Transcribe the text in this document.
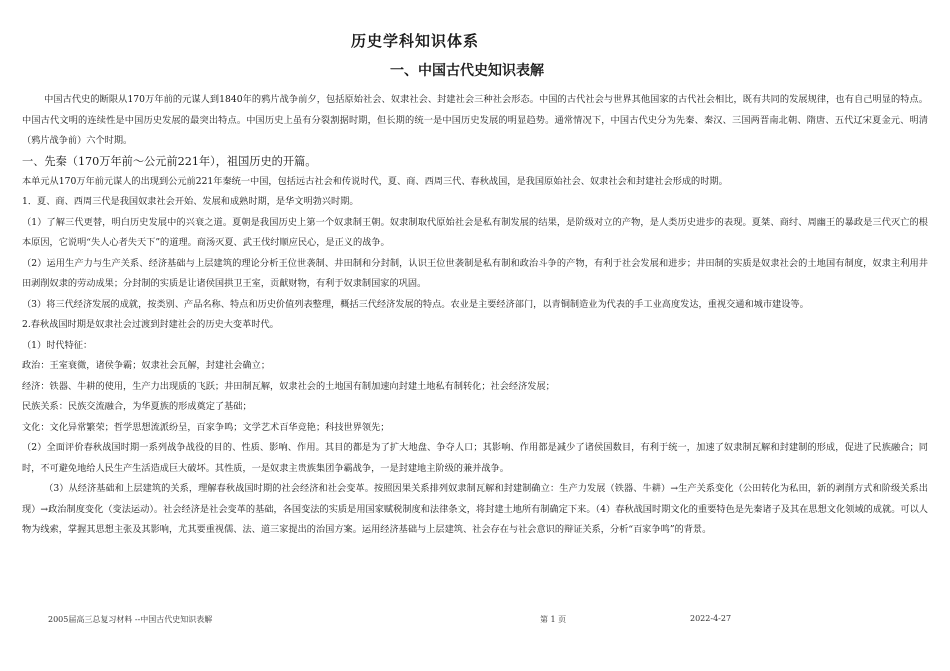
历史学科知识体系
一、中国古代史知识表解

中国古代史的断限从170万年前的元谋人到1840年的鸦片战争前夕，包括原始社会、奴隶社会、封建社会三种社会形态。中国的古代社会与世界其他国家的古代社会相比，既有共同的发展规律，也有自己明显的特点。中国古代文明的连续性是中国历史发展的最突出特点。中国历史上虽有分裂割据时期，但长期的统一是中国历史发展的明显趋势。通常情况下，中国古代史分为先秦、秦汉、三国两晋南北朝、隋唐、五代辽宋夏金元、明清（鸦片战争前）六个时期。

一、先秦（170万年前～公元前221年），祖国历史的开篇。

本单元从170万年前元谋人的出现到公元前221年秦统一中国，包括远古社会和传说时代，夏、商、西周三代、春秋战国，是我国原始社会、奴隶社会和封建社会形成的时期。

1．夏、商、西周三代是我国奴隶社会开始、发展和成熟时期，是华文明勃兴时期。

（1）了解三代更替，明白历史发展中的兴衰之道。夏朝是我国历史上第一个奴隶制王朝。奴隶制取代原始社会是私有制发展的结果，是阶级对立的产物，是人类历史进步的表现。夏桀、商纣、周幽王的暴政是三代灭亡的根本原因，它说明“失人心者失天下”的道理。商汤灭夏、武王伐纣顺应民心，是正义的战争。

（2）运用生产力与生产关系、经济基础与上层建筑的理论分析王位世袭制、井田制和分封制，认识王位世袭制是私有制和政治斗争的产物，有利于社会发展和进步；井田制的实质是奴隶社会的土地国有制度，奴隶主利用井田剥削奴隶的劳动成果；分封制的实质是让诸侯国拱卫王室，贡献财物，有利于奴隶制国家的巩固。

（3）将三代经济发展的成就，按类别、产品名称、特点和历史价值列表整理，概括三代经济发展的特点。农业是主要经济部门，以青铜制造业为代表的手工业高度发达，重视交通和城市建设等。

2.春秋战国时期是奴隶社会过渡到封建社会的历史大变革时代。

（1）时代特征：

政治：王室衰微，诸侯争霸；奴隶社会瓦解，封建社会确立；

经济：铁器、牛耕的使用，生产力出现质的飞跃；井田制瓦解，奴隶社会的土地国有制加速向封建土地私有制转化；社会经济发展；

民族关系：民族交流融合，为华夏族的形成奠定了基础；

文化：文化异常繁荣；哲学思想流派纷呈，百家争鸣；文学艺术百华竞艳；科技世界领先；

（2）全面评价春秋战国时期一系列战争战役的目的、性质、影响、作用。其目的都是为了扩大地盘、争夺人口；其影响、作用都是减少了诸侯国数目，有利于统一，加速了奴隶制瓦解和封建制的形成，促进了民族融合；同时，不可避免地给人民生产生活造成巨大破坏。其性质，一是奴隶主贵族集团争霸战争，一是封建地主阶级的兼并战争。

（3）从经济基础和上层建筑的关系，理解春秋战国时期的社会经济和社会变革。按照因果关系排列奴隶制瓦解和封建制确立：生产力发展（铁器、牛耕）→生产关系变化（公田转化为私田，新的剥削方式和阶级关系出现）→政治制度变化（变法运动）。社会经济是社会变革的基础，各国变法的实质是用国家赋税制度和法律条文，将封建土地所有制确定下来。（4）春秋战国时期文化的重要特色是先秦诸子及其在思想文化领域的成就。可以人物为线索，掌握其思想主张及其影响，尤其要重视儒、法、道三家提出的治国方案。运用经济基础与上层建筑、社会存在与社会意识的辩证关系，分析“百家争鸣”的背景。

2005届高三总复习材料 --中国古代史知识表解	第 1 页	2022-4-27
